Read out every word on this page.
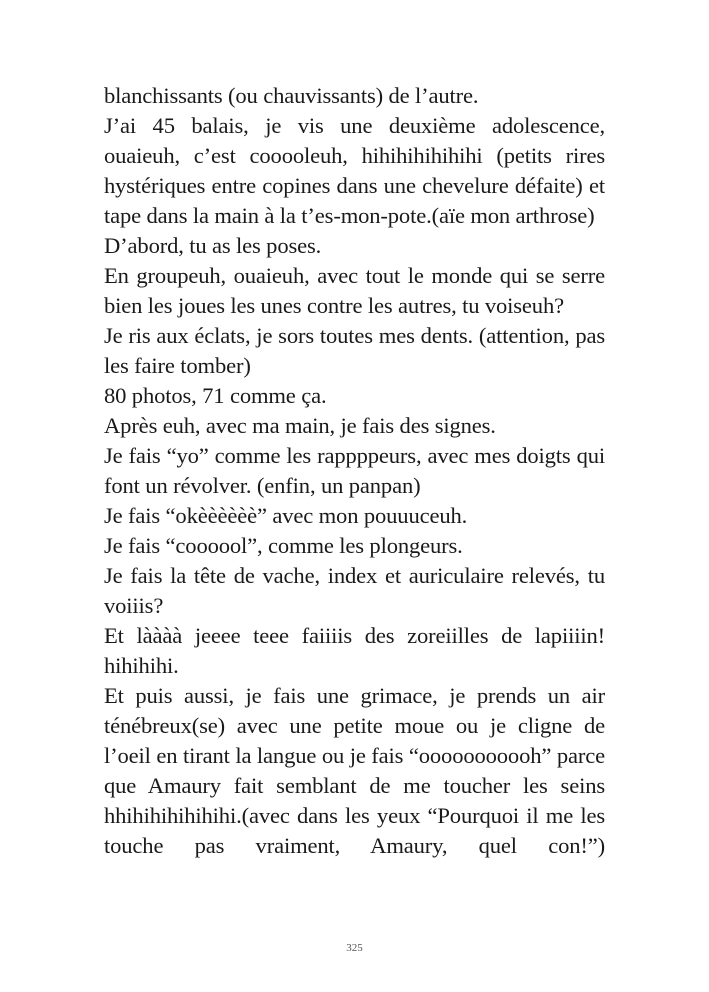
blanchissants (ou chauvissants) de l’autre.

J’ai 45 balais, je vis une deuxième adolescence, ouaieuh, c’est cooooleuh, hihihihihihihi (petits rires hystériques entre copines dans une chevelure défaite) et tape dans la main à la t’es-mon-pote.(aïe mon arthrose)

D’abord, tu as les poses.

En groupeuh, ouaieuh, avec tout le monde qui se serre bien les joues les unes contre les autres, tu voiseuh?

Je ris aux éclats, je sors toutes mes dents. (attention, pas les faire tomber)

80 photos, 71 comme ça.

Après euh, avec ma main, je fais des signes.

Je fais “yo” comme les rappppeurs, avec mes doigts qui font un révolver. (enfin, un panpan)

Je fais “okèèèèèè” avec mon pouuuceuh.

Je fais “coooool”, comme les plongeurs.

Je fais la tête de vache, index et auriculaire relevés, tu voiiis?

Et làààà jeeee teee faiiiis des zoreiilles de lapiiiin! hihihihi.

Et puis aussi, je fais une grimace, je prends un air ténébreux(se) avec une petite moue ou je cligne de l’oeil en tirant la langue ou je fais “ooooooooooh” parce que Amaury fait semblant de me toucher les seins hhihihihihihihi.(avec dans les yeux “Pourquoi il me les touche pas vraiment, Amaury, quel con!”)

325
